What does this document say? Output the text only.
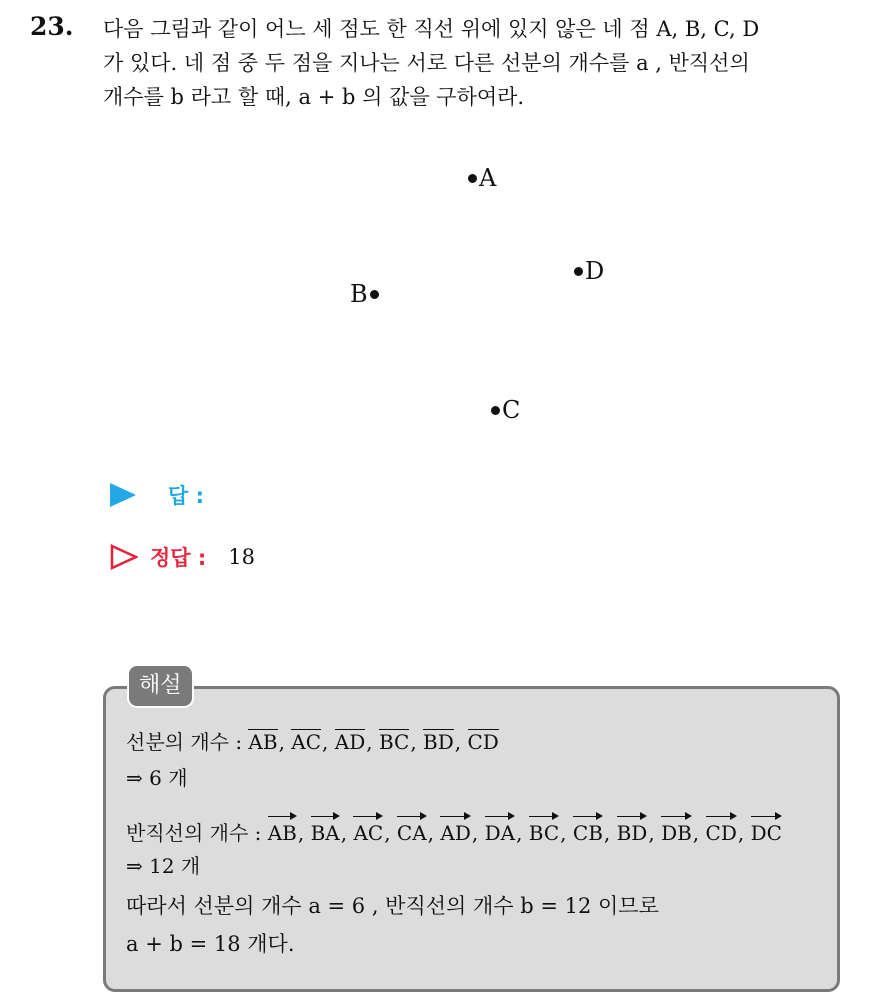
23. 다음 그림과 같이 어느 세 점도 한 직선 위에 있지 않은 네 점 A, B, C, D
가 있다. 네 점 중 두 점을 지나는 서로 다른 선분의 개수를 a , 반직선의
개수를 b 라고 할 때, a + b 의 값을 구하여라.
A
D
B
C
답 :
정답 : 18
해설
선분의 개수 : AB, AC, AD, BC, BD, CD
⇒ 6 개
반직선의 개수 : AB, BA, AC, CA, AD, DA, BC, CB, BD, DB, CD, DC
⇒ 12 개
따라서 선분의 개수 a = 6 , 반직선의 개수 b = 12 이므로
a + b = 18 개다.
